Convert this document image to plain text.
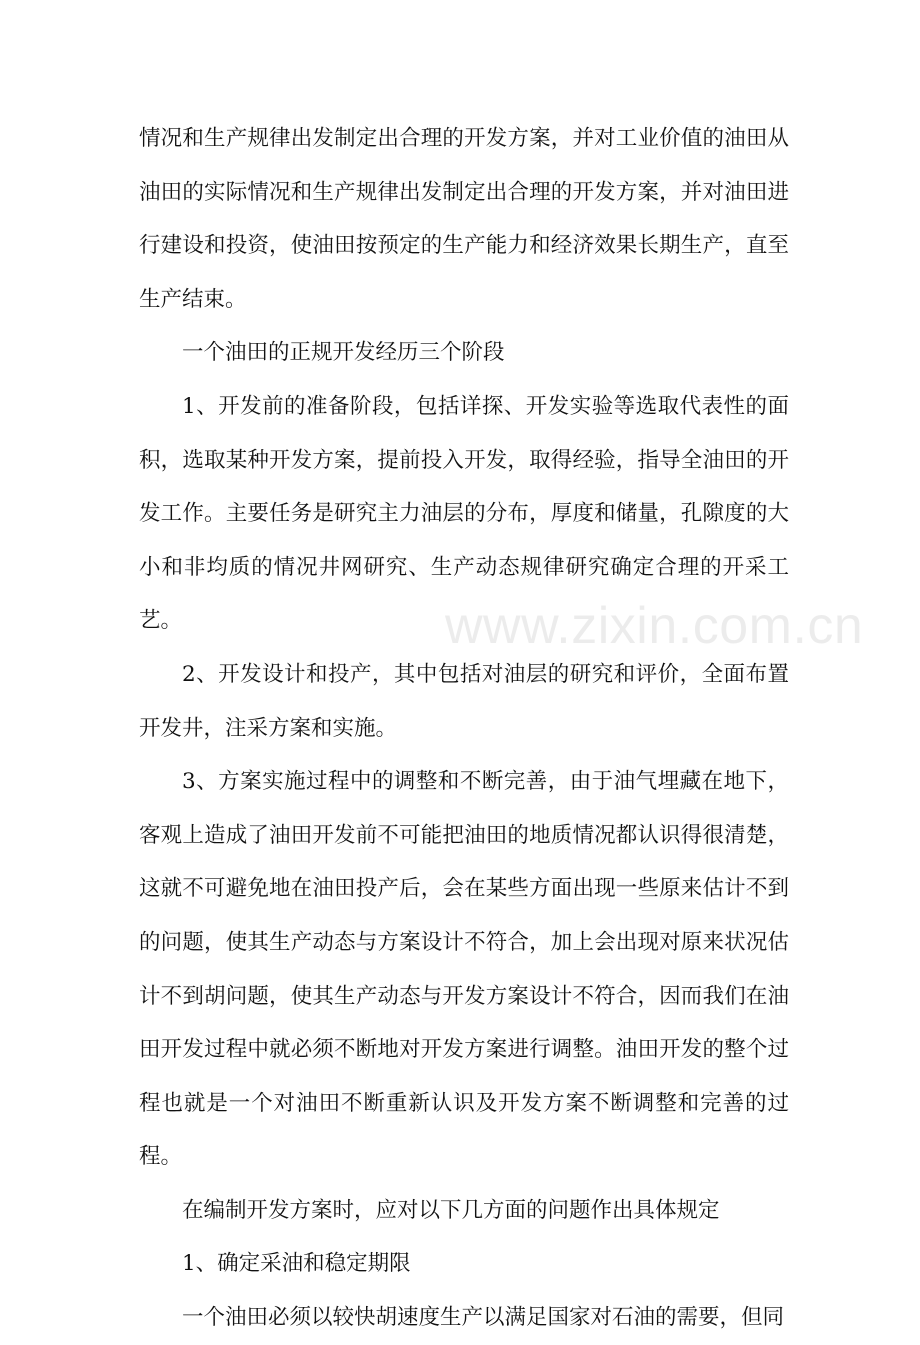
情况和生产规律出发制定出合理的开发方案，并对工业价值的油田从油田的实际情况和生产规律出发制定出合理的开发方案，并对油田进行建设和投资，使油田按预定的生产能力和经济效果长期生产，直至生产结束。

一个油田的正规开发经历三个阶段

1、开发前的准备阶段，包括详探、开发实验等选取代表性的面积，选取某种开发方案，提前投入开发，取得经验，指导全油田的开发工作。主要任务是研究主力油层的分布，厚度和储量，孔隙度的大小和非均质的情况井网研究、生产动态规律研究确定合理的开采工艺。

2、开发设计和投产，其中包括对油层的研究和评价，全面布置开发井，注采方案和实施。

3、方案实施过程中的调整和不断完善，由于油气埋藏在地下，客观上造成了油田开发前不可能把油田的地质情况都认识得很清楚，这就不可避免地在油田投产后，会在某些方面出现一些原来估计不到的问题，使其生产动态与方案设计不符合，加上会出现对原来状况估计不到胡问题，使其生产动态与开发方案设计不符合，因而我们在油田开发过程中就必须不断地对开发方案进行调整。油田开发的整个过程也就是一个对油田不断重新认识及开发方案不断调整和完善的过程。

在编制开发方案时，应对以下几方面的问题作出具体规定

1、确定采油和稳定期限

一个油田必须以较快胡速度生产以满足国家对石油的需要，但同

www.zixin.com.cn
